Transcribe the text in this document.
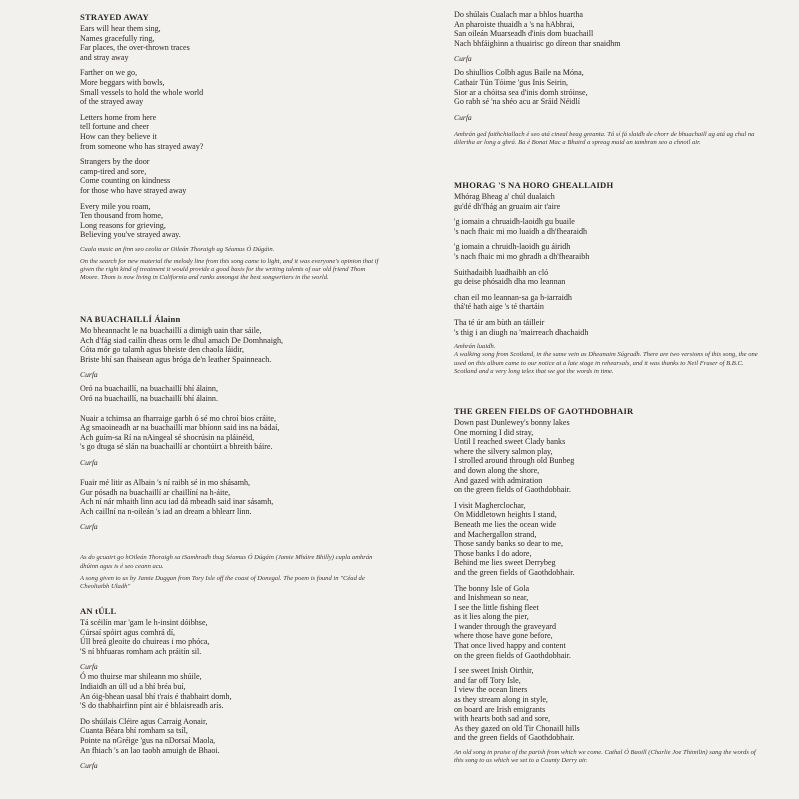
STRAYED AWAY
Ears will hear them sing,
Names gracefully ring,
Far places, the over-thrown traces
and stray away
Farther on we go,
More beggars with bowls,
Small vessels to hold the whole world
of the strayed away
Letters home from here
tell fortune and cheer
How can they believe it
from someone who has strayed away?
Strangers by the door
camp-tired and sore,
Come counting on kindness
for those who have strayed away
Every mile you roam,
Ten thousand from home,
Long reasons for grieving,
Believing you've strayed away.
Cuala music an finn seo ceolta ar Oileán Thoraigh ag Séamus Ó Dúgáin.
On the search for new material the melody line from this song came to light, and it was everyone's opinion that if given the right kind of treatment it would provide a good basis for the writing talents of our old friend Thom Moore. Thom is now living in California and ranks amongst the best songwriters in the world.
NA BUACHAILLÍ Álainn
Mo bheannacht le na buachaillí a dimigh uain thar sáile,
Ach d'fág siad cailín dheas orm le dhul amach De Domhnaigh,
Cóta mór go talamh agus bheiste den chaola láidir,
Briste bhí san fhaisean agus bróga de'n leather Spainneach.
Curfa
Oró na buachaillí, na buachaillí bhí álainn,
Oró na buachaillí, na buachaillí bhí álainn.
Nuair a tchimsa an fharraige garbh ó sé mo chroí bios cráite,
Ag smaoineadh ar na buachaillí mar bhíonn said ins na bádaí,
Ach guím-sa Rí na nAingeal sé shocrúsin na pláinéid,
's go dtuga sé slán na buachaillí ar chontúirt a bhreith báire.
Curfa
Fuair mé litir as Albain 's ní raibh sé in mo shásamh,
Gur pósadh na buachaillí ar chaillíní na h-áite,
Ach ní nár mhaith linn acu iad dá mbeadh said inar sásamh,
Ach caillní na n-oileán 's iad an dream a bhlearr linn.
Curfa
As do gcuairt go hOileán Thoraigh sa tSamhradh thug Séamus Ó Dúgáin (Jamie Mháire Bhilly) cupla amhrán dhúinn agus is é seo ceann acu.
A song given to us by Jamie Duggan from Tory Isle off the coast of Donegal. The poem is found in "Céad de Cheoltaibh Uladh"
AN tÚLL
Tá scéilín mar 'gam le h-insint dóibhse,
Cúrsaí spóirt agus comhrá dí,
Úll breá gleoite do chuireas i mo phóca,
'S ní bhfuaras romham ach práitín sil.
Curfa
Ó mo thuirse mar shileann mo shúile,
Indiaidh an úll ud a bhí bréa buí,
An óig-bhean uasal bhí t'rais é thabhairt domh,
'S do thabhairfinn pínt air é bhlaisreadh arís.
Do shúilais Cléire agus Carraig Aonair,
Cuanta Béara bhí romham sa tsíl,
Pointe na nGréige 'gus na nDorsaí Maola,
An fhiach 's an lao taobh amuigh de Bhaoi.
Curfa
Do shúlais Cualach mar a bhlos huartha
An pharoiste thuaidh a 's na hAbhrai,
San oileán Muarseadh d'inis dom buachaill
Nach bhfáighinn a thuairisc go díreon thar snaidhm
Curfa
Do shiullios Colbh agus Baile na Móna,
Cathair Tún Tóime 'gus Inis Seirin,
Sior ar a chóitsa sea d'inis domh stróinse,
Go rabh sé 'na shéo acu ar Sráid Néidlí
Curfa
Amhrán ged faithchiallach é seo atá cineal beag greanta. Tá sí fá slaidh de chorr de bhuachaill ag atá ag chul na dilertha ar long a ghrá. Ba é Bonai Mac a Bhaird a spreag muid an tamhran seo a chnoil air.
MHORAG 'S NA HORO GHEALLAIDH
Mhórag Bheag a' chúl dualaich
gu'dé dh'fhág an gruaim air t'aire
'g iomain a chruaidh-laoidh gu buaile
's nach fhaic mi mo luaidh a dh'fhearaidh
'g iomain a chruidh-laoidh gu áiridh
's nach fhaic mi mo ghradh a dh'fhearaibh
Suithadaibh luadhaibh an cló
gu deise phósaidh dha mo leannan
chan eil mo leannan-sa ga h-iarraidh
thá'té hath aige 's té thartáin
Tha té úr am bùth an táilleir
's thig i an diugh na 'mairreach dhachaidh
Amhrán luaidh.
A walking song from Scotland, in the same vein as Dheanaim Súgradh. There are two versions of this song, the one used on this album came to our notice at a late stage in rehearsals, and it was thanks to Neil Fraser of B.B.C. Scotland and a very long telex that we got the words in time.
THE GREEN FIELDS OF GAOTHDOBHAIR
Down past Dunlewey's bonny lakes
One morning I did stray,
Until I reached sweet Clady banks
where the silvery salmon play,
I strolled around through old Bunbeg
and down along the shore,
And gazed with admiration
on the green fields of Gaothdobhair.
I visit Magherclochar,
On Middletown heights I stand,
Beneath me lies the ocean wide
and Machergallon strand,
Those sandy banks so dear to me,
Those banks I do adore,
Behind me lies sweet Derrybeg
and the green fields of Gaothdobhair.
The bonny Isle of Gola
and Inishmean so near,
I see the little fishing fleet
as it lies along the pier,
I wander through the graveyard
where those have gone before,
That once lived happy and content
on the green fields of Gaothdobhair.
I see sweet Inish Oirthir,
and far off Tory Isle,
I view the ocean liners
as they stream along in style,
on board are Irish emigrants
with hearts both sad and sore,
As they gazed on old Tir Chonaill hills
and the green fields of Gaothdobhair.
An old song in praise of the parish from which we come. Cathal Ó Baoill (Charlie Joe Thimilin) sang the words of this song to us which we set to a County Derry air.
